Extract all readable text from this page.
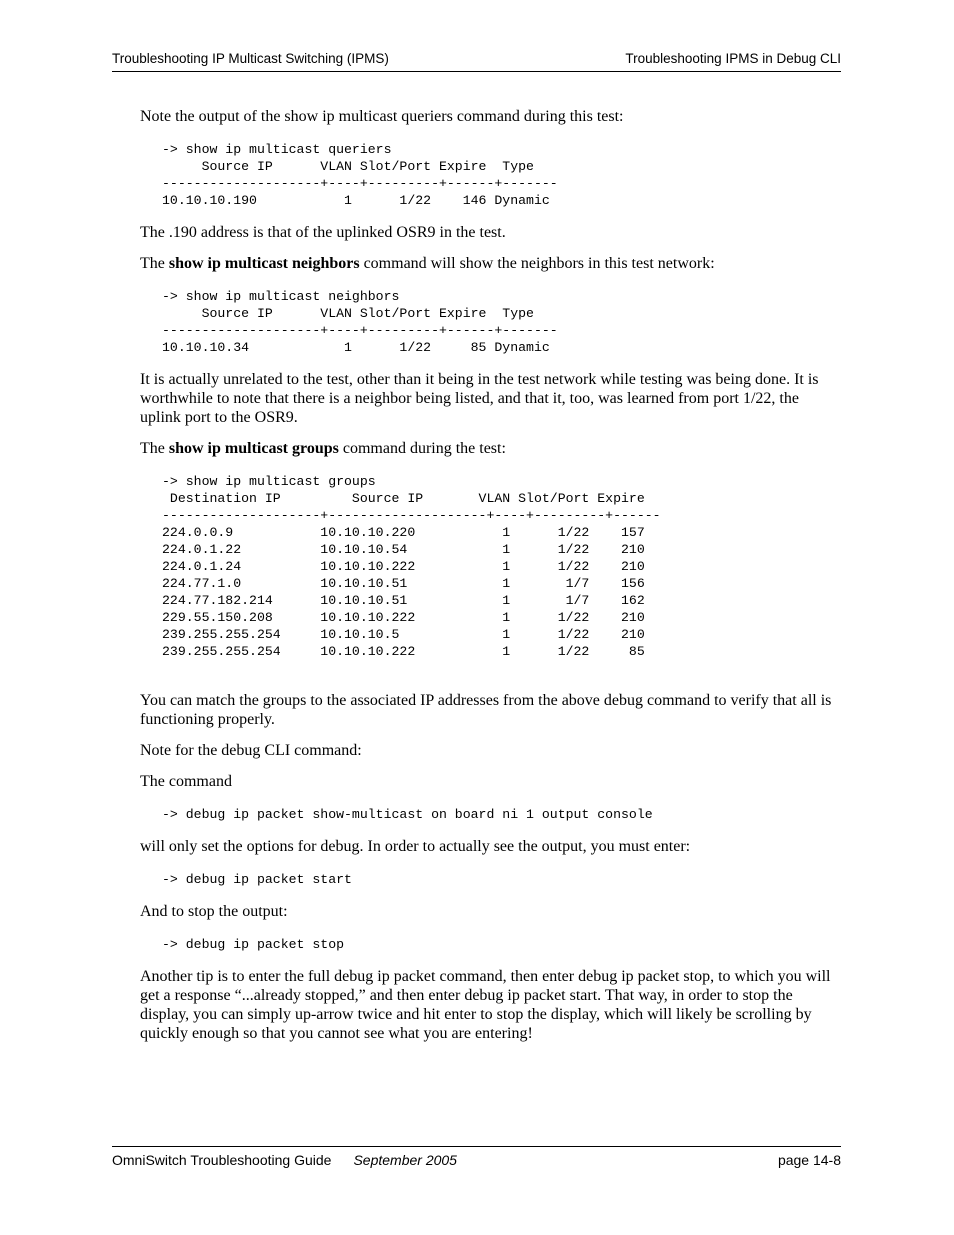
Troubleshooting IP Multicast Switching (IPMS)	Troubleshooting IPMS in Debug CLI

Note the output of the show ip multicast queriers command during this test:

-> show ip multicast queriers
Source IP      VLAN Slot/Port Expire  Type
--------------------+----+---------+------+-------
10.10.10.190           1      1/22    146 Dynamic

The .190 address is that of the uplinked OSR9 in the test.

The show ip multicast neighbors command will show the neighbors in this test network:

-> show ip multicast neighbors
Source IP      VLAN Slot/Port Expire  Type
--------------------+----+---------+------+-------
10.10.10.34            1      1/22     85 Dynamic

It is actually unrelated to the test, other than it being in the test network while testing was being done. It is worthwhile to note that there is a neighbor being listed, and that it, too, was learned from port 1/22, the uplink port to the OSR9.

The show ip multicast groups command during the test:

-> show ip multicast groups
Destination IP         Source IP       VLAN Slot/Port Expire
--------------------+--------------------+----+---------+------
224.0.0.9           10.10.10.220           1      1/22    157
224.0.1.22          10.10.10.54            1      1/22    210
224.0.1.24          10.10.10.222           1      1/22    210
224.77.1.0          10.10.10.51            1       1/7    156
224.77.182.214      10.10.10.51            1       1/7    162
229.55.150.208      10.10.10.222           1      1/22    210
239.255.255.254     10.10.10.5             1      1/22    210
239.255.255.254     10.10.10.222           1      1/22     85

You can match the groups to the associated IP addresses from the above debug command to verify that all is functioning properly.

Note for the debug CLI command:

The command

-> debug ip packet show-multicast on board ni 1 output console

will only set the options for debug. In order to actually see the output, you must enter:

-> debug ip packet start

And to stop the output:

-> debug ip packet stop

Another tip is to enter the full debug ip packet command, then enter debug ip packet stop, to which you will get a response “...already stopped,” and then enter debug ip packet start. That way, in order to stop the display, you can simply up-arrow twice and hit enter to stop the display, which will likely be scrolling by quickly enough so that you cannot see what you are entering!

OmniSwitch Troubleshooting Guide September 2005	page 14-8
